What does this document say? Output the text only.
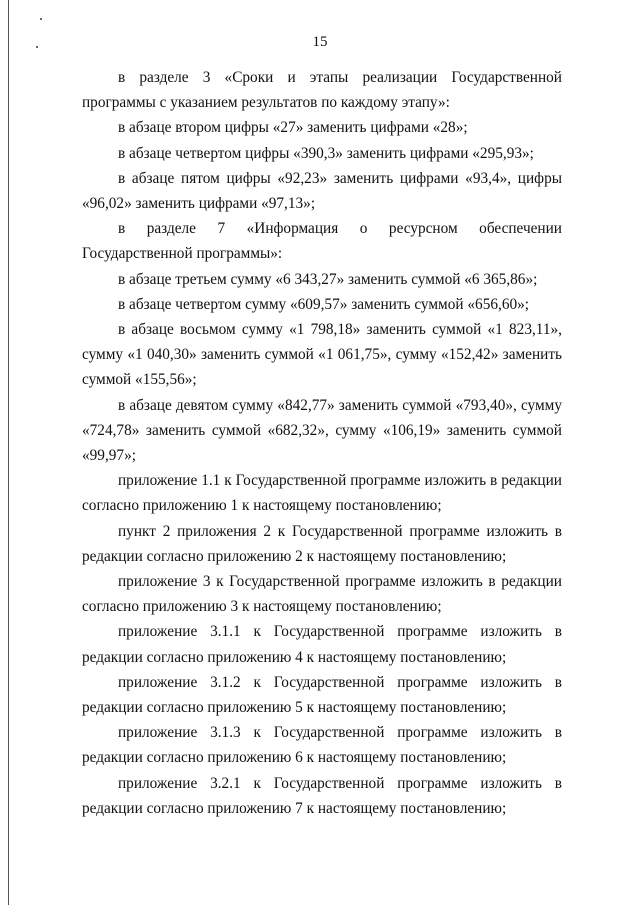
15

в разделе 3 «Сроки и этапы реализации Государственной программы с указанием результатов по каждому этапу»:

в абзаце втором цифры «27» заменить цифрами «28»;

в абзаце четвертом цифры «390,3» заменить цифрами «295,93»;

в абзаце пятом цифры «92,23» заменить цифрами «93,4», цифры «96,02» заменить цифрами «97,13»;

в разделе 7 «Информация о ресурсном обеспечении Государственной программы»:

в абзаце третьем сумму «6 343,27» заменить суммой «6 365,86»;

в абзаце четвертом сумму «609,57» заменить суммой «656,60»;

в абзаце восьмом сумму «1 798,18» заменить суммой «1 823,11», сумму «1 040,30» заменить суммой «1 061,75», сумму «152,42» заменить суммой «155,56»;

в абзаце девятом сумму «842,77» заменить суммой «793,40», сумму «724,78» заменить суммой «682,32», сумму «106,19» заменить суммой «99,97»;

приложение 1.1 к Государственной программе изложить в редакции согласно приложению 1 к настоящему постановлению;

пункт 2 приложения 2 к Государственной программе изложить в редакции согласно приложению 2 к настоящему постановлению;

приложение 3 к Государственной программе изложить в редакции согласно приложению 3 к настоящему постановлению;

приложение 3.1.1 к Государственной программе изложить в редакции согласно приложению 4 к настоящему постановлению;

приложение 3.1.2 к Государственной программе изложить в редакции согласно приложению 5 к настоящему постановлению;

приложение 3.1.3 к Государственной программе изложить в редакции согласно приложению 6 к настоящему постановлению;

приложение 3.2.1 к Государственной программе изложить в редакции согласно приложению 7 к настоящему постановлению;
